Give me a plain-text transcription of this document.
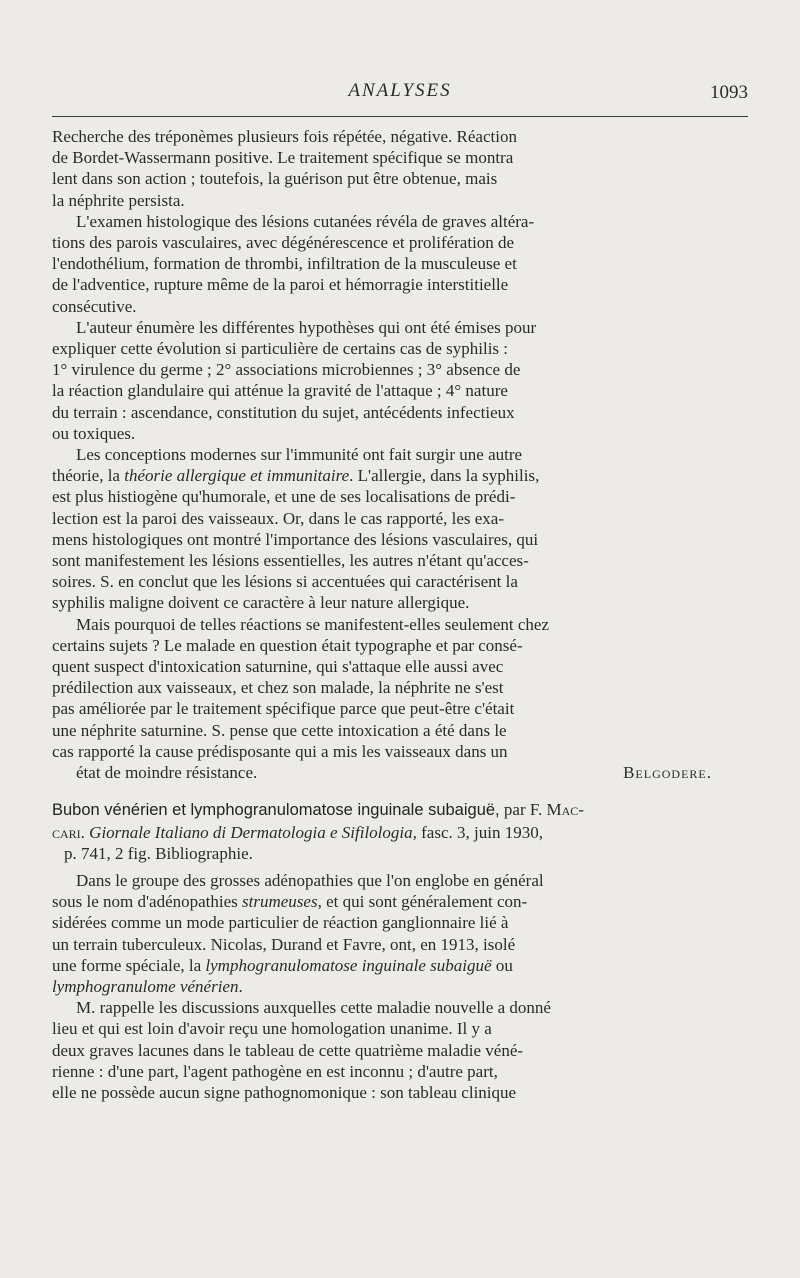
ANALYSES	1093

Recherche des tréponèmes plusieurs fois répétée, négative. Réaction
de Bordet-Wassermann positive. Le traitement spécifique se montra
lent dans son action ; toutefois, la guérison put être obtenue, mais
la néphrite persista.

L'examen histologique des lésions cutanées révéla de graves altéra-
tions des parois vasculaires, avec dégénérescence et prolifération de
l'endothélium, formation de thrombi, infiltration de la musculeuse et
de l'adventice, rupture même de la paroi et hémorragie interstitielle
consécutive.

L'auteur énumère les différentes hypothèses qui ont été émises pour
expliquer cette évolution si particulière de certains cas de syphilis :
1° virulence du germe ; 2° associations microbiennes ; 3° absence de
la réaction glandulaire qui atténue la gravité de l'attaque ; 4° nature
du terrain : ascendance, constitution du sujet, antécédents infectieux
ou toxiques.

Les conceptions modernes sur l'immunité ont fait surgir une autre
théorie, la théorie allergique et immunitaire. L'allergie, dans la syphilis,
est plus histiogène qu'humorale, et une de ses localisations de prédi-
lection est la paroi des vaisseaux. Or, dans le cas rapporté, les exa-
mens histologiques ont montré l'importance des lésions vasculaires, qui
sont manifestement les lésions essentielles, les autres n'étant qu'acces-
soires. S. en conclut que les lésions si accentuées qui caractérisent la
syphilis maligne doivent ce caractère à leur nature allergique.

Mais pourquoi de telles réactions se manifestent-elles seulement chez
certains sujets ? Le malade en question était typographe et par consé-
quent suspect d'intoxication saturnine, qui s'attaque elle aussi avec
prédilection aux vaisseaux, et chez son malade, la néphrite ne s'est
pas améliorée par le traitement spécifique parce que peut-être c'était
une néphrite saturnine. S. pense que cette intoxication a été dans le
cas rapporté la cause prédisposante qui a mis les vaisseaux dans un

état de moindre résistance.	Belgodere.

Bubon vénérien et lymphogranulomatose inguinale subaiguë, par F. Mac-
cari. Giornale Italiano di Dermatologia e Sifilologia, fasc. 3, juin 1930,
p. 741, 2 fig. Bibliographie.

Dans le groupe des grosses adénopathies que l'on englobe en général
sous le nom d'adénopathies strumeuses, et qui sont généralement con-
sidérées comme un mode particulier de réaction ganglionnaire lié à
un terrain tuberculeux. Nicolas, Durand et Favre, ont, en 1913, isolé
une forme spéciale, la lymphogranulomatose inguinale subaiguë ou
lymphogranulome vénérien.

M. rappelle les discussions auxquelles cette maladie nouvelle a donné
lieu et qui est loin d'avoir reçu une homologation unanime. Il y a
deux graves lacunes dans le tableau de cette quatrième maladie véné-
rienne : d'une part, l'agent pathogène en est inconnu ; d'autre part,
elle ne possède aucun signe pathognomonique : son tableau clinique
